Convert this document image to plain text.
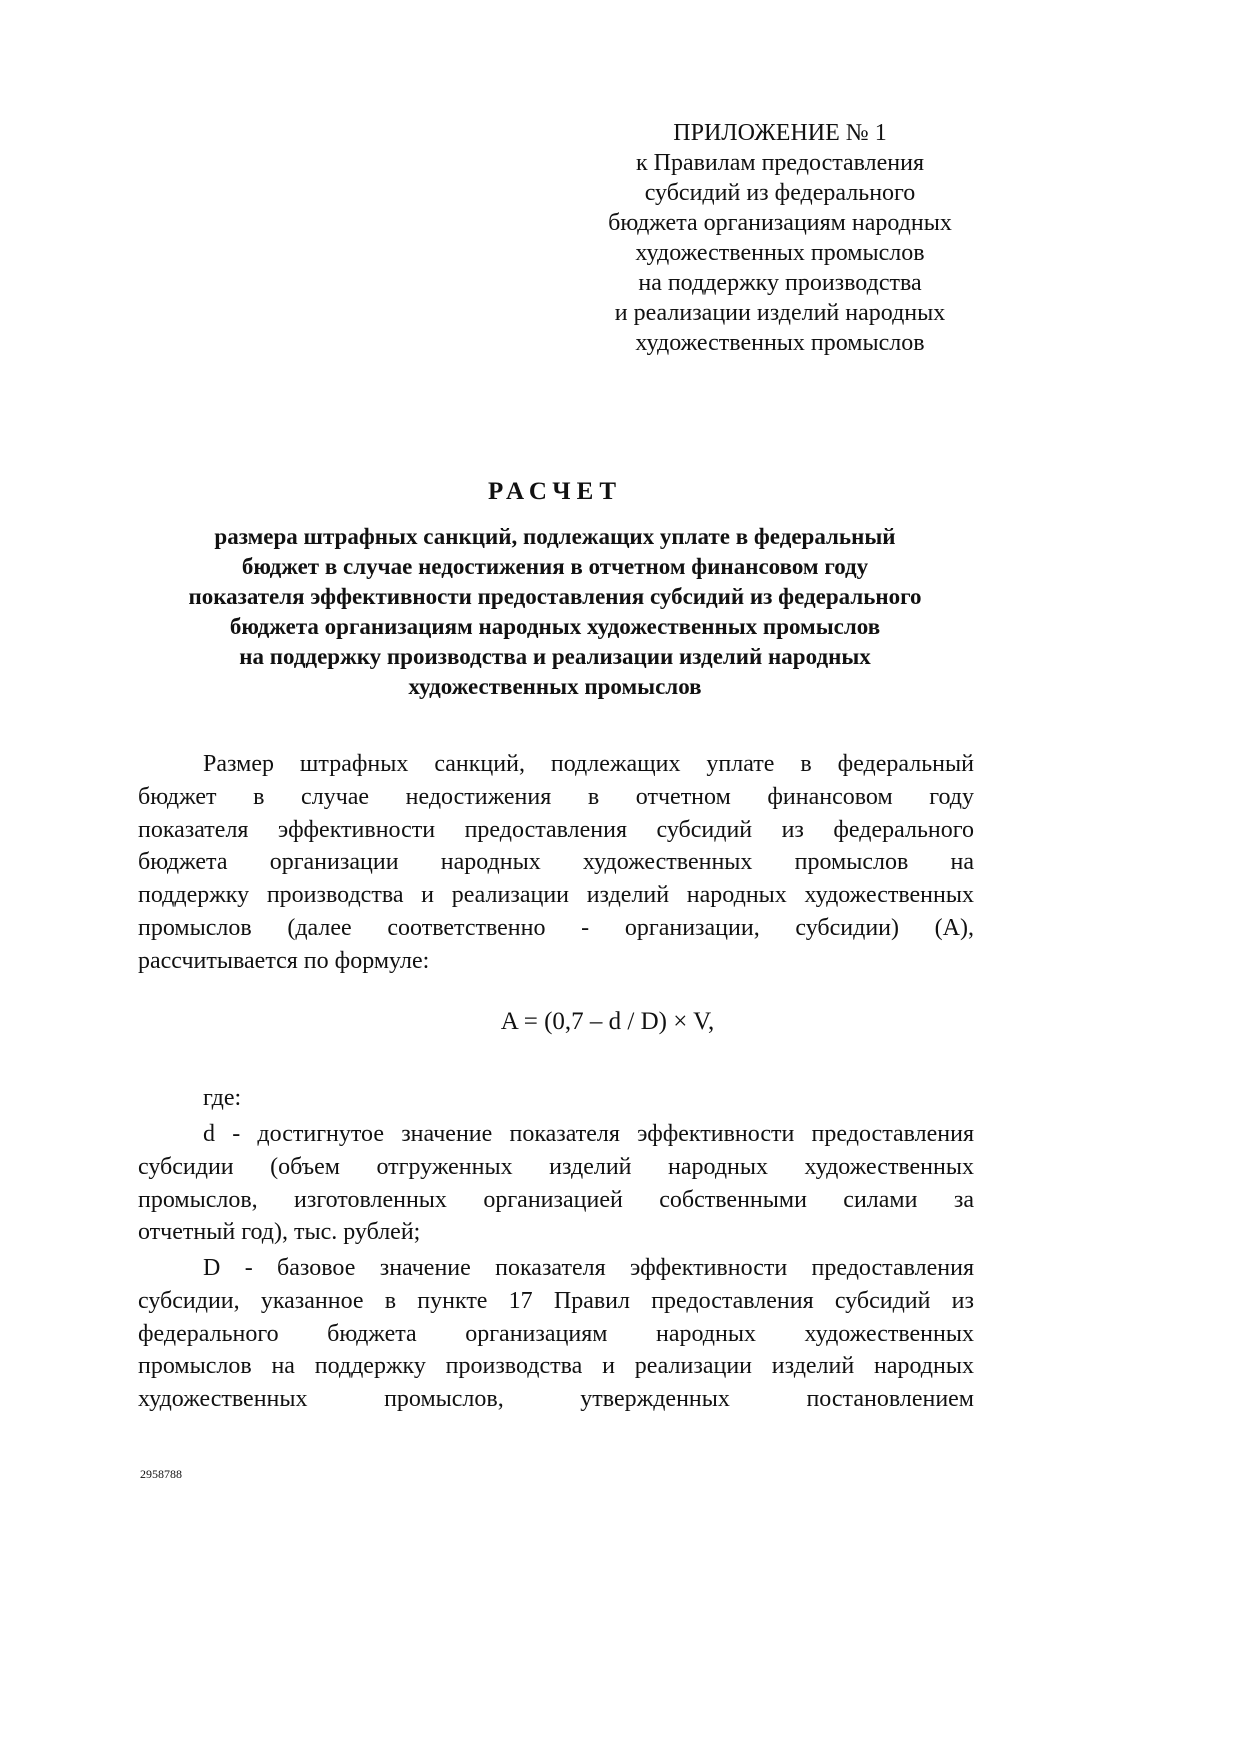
ПРИЛОЖЕНИЕ № 1
к Правилам предоставления
субсидий из федерального
бюджета организациям народных
художественных промыслов
на поддержку производства
и реализации изделий народных
художественных промыслов
РАСЧЕТ
размера штрафных санкций, подлежащих уплате в федеральный
бюджет в случае недостижения в отчетном финансовом году
показателя эффективности предоставления субсидий из федерального
бюджета организациям народных художественных промыслов
на поддержку производства и реализации изделий народных
художественных промыслов
Размер штрафных санкций, подлежащих уплате в федеральный
бюджет в случае недостижения в отчетном финансовом году
показателя эффективности предоставления субсидий из федерального
бюджета организации народных художественных промыслов на
поддержку производства и реализации изделий народных художественных
промыслов (далее соответственно - организации, субсидии) (А),
рассчитывается по формуле:
A = (0,7 – d / D) × V,
где:
d - достигнутое значение показателя эффективности предоставления
субсидии (объем отгруженных изделий народных художественных
промыслов, изготовленных организацией собственными силами за
отчетный год), тыс. рублей;
D - базовое значение показателя эффективности предоставления
субсидии, указанное в пункте 17 Правил предоставления субсидий из
федерального бюджета организациям народных художественных
промыслов на поддержку производства и реализации изделий народных
художественных промыслов, утвержденных постановлением
2958788
